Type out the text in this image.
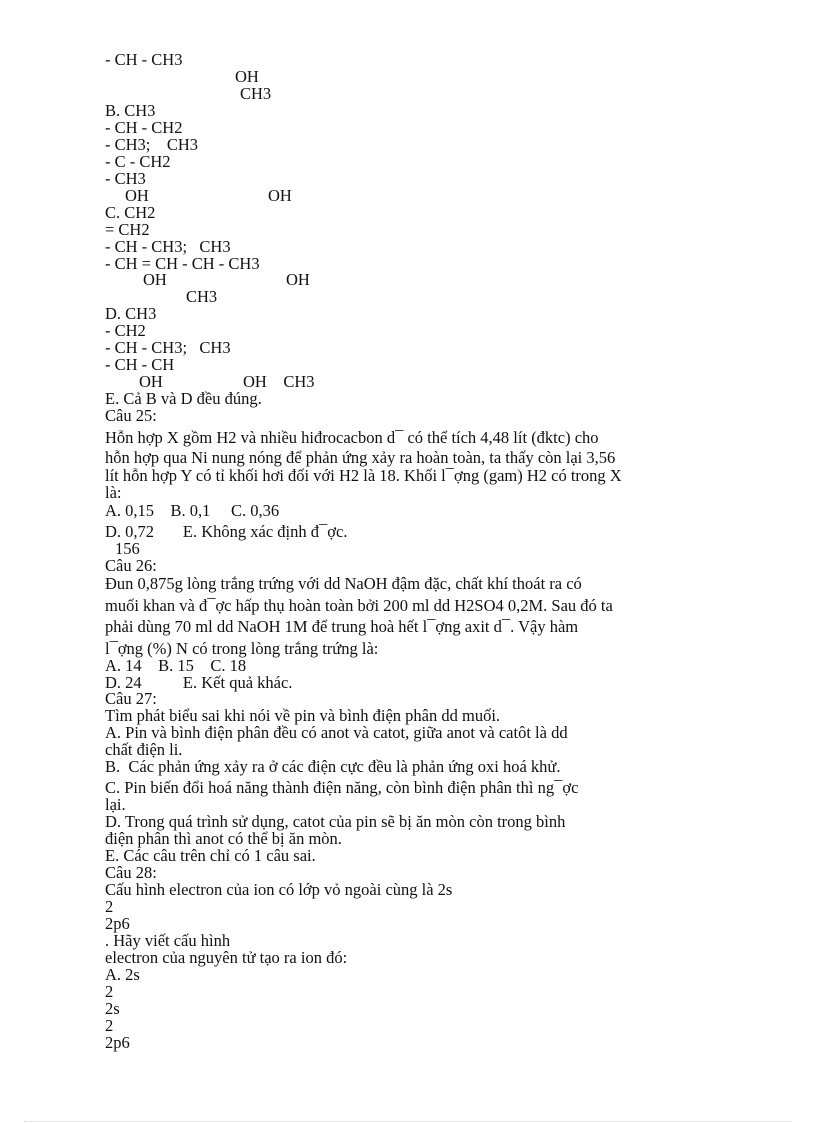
- CH - CH3
OH
CH3
B. CH3
- CH - CH2
- CH3;    CH3
- C - CH2
- CH3
OH	OH
C. CH2
= CH2
- CH - CH3;   CH3
- CH = CH - CH - CH3
OH	OH
CH3
D. CH3
- CH2
- CH - CH3;   CH3
- CH - CH
OH	OH    CH3
E. Cả B và D đều đúng.
Câu 25:
Hỗn hợp X gồm H2 và nhiều hiđrocacbon d¯ có thể tích 4,48 lít (đktc) cho
hỗn hợp qua Ni nung nóng để phản ứng xảy ra hoàn toàn, ta thấy còn lại 3,56
lít hỗn hợp Y có tỉ khối hơi đối với H2 là 18. Khối l¯ợng (gam) H2 có trong X
là:
A. 0,15    B. 0,1     C. 0,36
D. 0,72       E. Không xác định đ¯ợc.
156
Câu 26:
Đun 0,875g lòng trắng trứng với dd NaOH đậm đặc, chất khí thoát ra có
muối khan và đ¯ợc hấp thụ hoàn toàn bởi 200 ml dd H2SO4 0,2M. Sau đó ta
phải dùng 70 ml dd NaOH 1M để trung hoà hết l¯ợng axit d¯. Vậy hàm
l¯ợng (%) N có trong lòng trắng trứng là:
A. 14    B. 15    C. 18
D. 24          E. Kết quả khác.
Câu 27:
Tìm phát biểu sai khi nói về pin và bình điện phân dd muối.
A. Pin và bình điện phân đều có anot và catot, giữa anot và catôt là dd
chất điện li.
B.  Các phản ứng xảy ra ở các điện cực đều là phản ứng oxi hoá khử.
C. Pin biến đổi hoá năng thành điện năng, còn bình điện phân thì ng¯ợc
lại.
D. Trong quá trình sử dụng, catot của pin sẽ bị ăn mòn còn trong bình
điện phân thì anot có thể bị ăn mòn.
E. Các câu trên chỉ có 1 câu sai.
Câu 28:
Cấu hình electron của ion có lớp vỏ ngoài cùng là 2s
2
2p6
. Hãy viết cấu hình
electron của nguyên tử tạo ra ion đó:
A. 2s
2
2s
2
2p6
